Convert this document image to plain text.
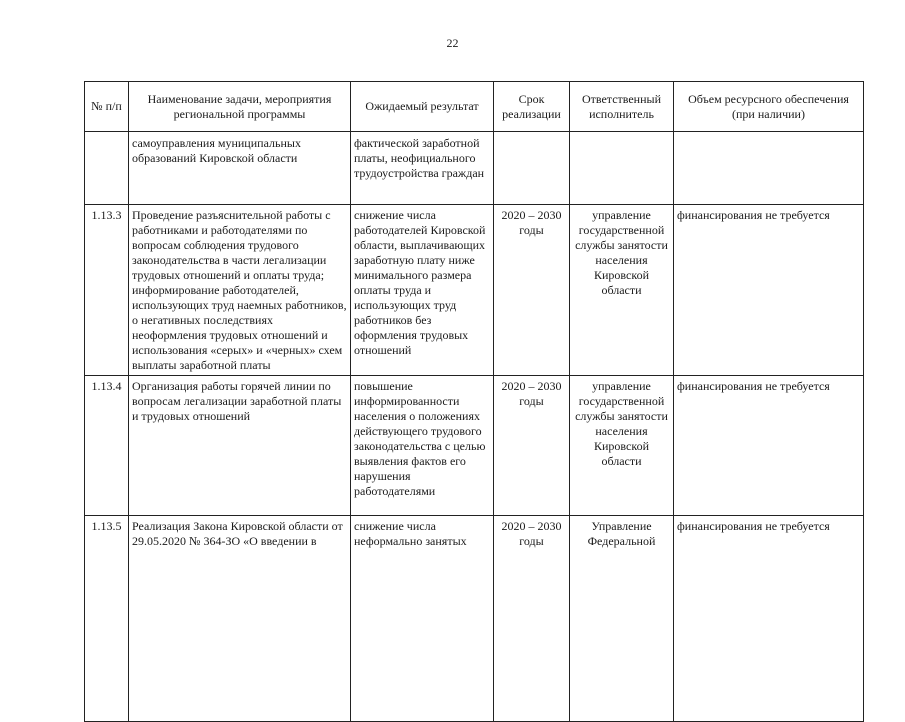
22
№ п/п	Наименование задачи, мероприятия региональной программы	Ожидаемый результат	Срок реализации	Ответственный исполнитель	Объем ресурсного обеспечения (при наличии)
	самоуправления муниципальных образований Кировской области	фактической заработной платы, неофициального трудоустройства граждан			
1.13.3	Проведение разъяснительной работы с работниками и работодателями по вопросам соблюдения трудового законодательства в части легализации трудовых отношений и оплаты труда; информирование работодателей, использующих труд наемных работников, о негативных последствиях неоформления трудовых отношений и использования «серых» и «черных» схем выплаты заработной платы	снижение числа работодателей Кировской области, выплачивающих заработную плату ниже минимального размера оплаты труда и использующих труд работников без оформления трудовых отношений	2020 – 2030 годы	управление государственной службы занятости населения Кировской области	финансирования не требуется
1.13.4	Организация работы горячей линии по вопросам легализации заработной платы и трудовых отношений	повышение информированности населения о положениях действующего трудового законодательства с целью выявления фактов его нарушения работодателями	2020 – 2030 годы	управление государственной службы занятости населения Кировской области	финансирования не требуется
1.13.5	Реализация Закона Кировской области от 29.05.2020 № 364-ЗО «О введении в	снижение числа неформально занятых	2020 – 2030 годы	Управление Федеральной	финансирования не требуется
